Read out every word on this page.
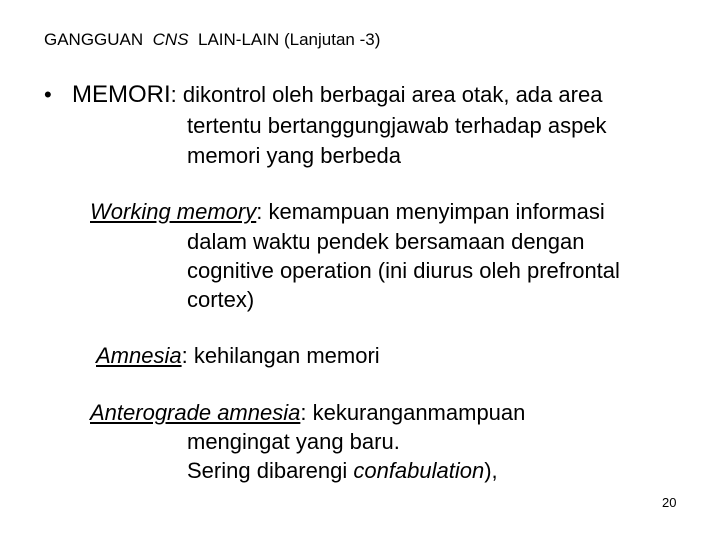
GANGGUAN CNS LAIN-LAIN (Lanjutan -3)
• MEMORI: dikontrol oleh berbagai area otak, ada area
tertentu bertanggungjawab terhadap aspek
memori yang berbeda
Working memory: kemampuan menyimpan informasi
dalam waktu pendek bersamaan dengan
cognitive operation (ini diurus oleh prefrontal
cortex)
Amnesia: kehilangan memori
Anterograde amnesia: kekuranganmampuan
mengingat yang baru.
Sering dibarengi confabulation),
20
